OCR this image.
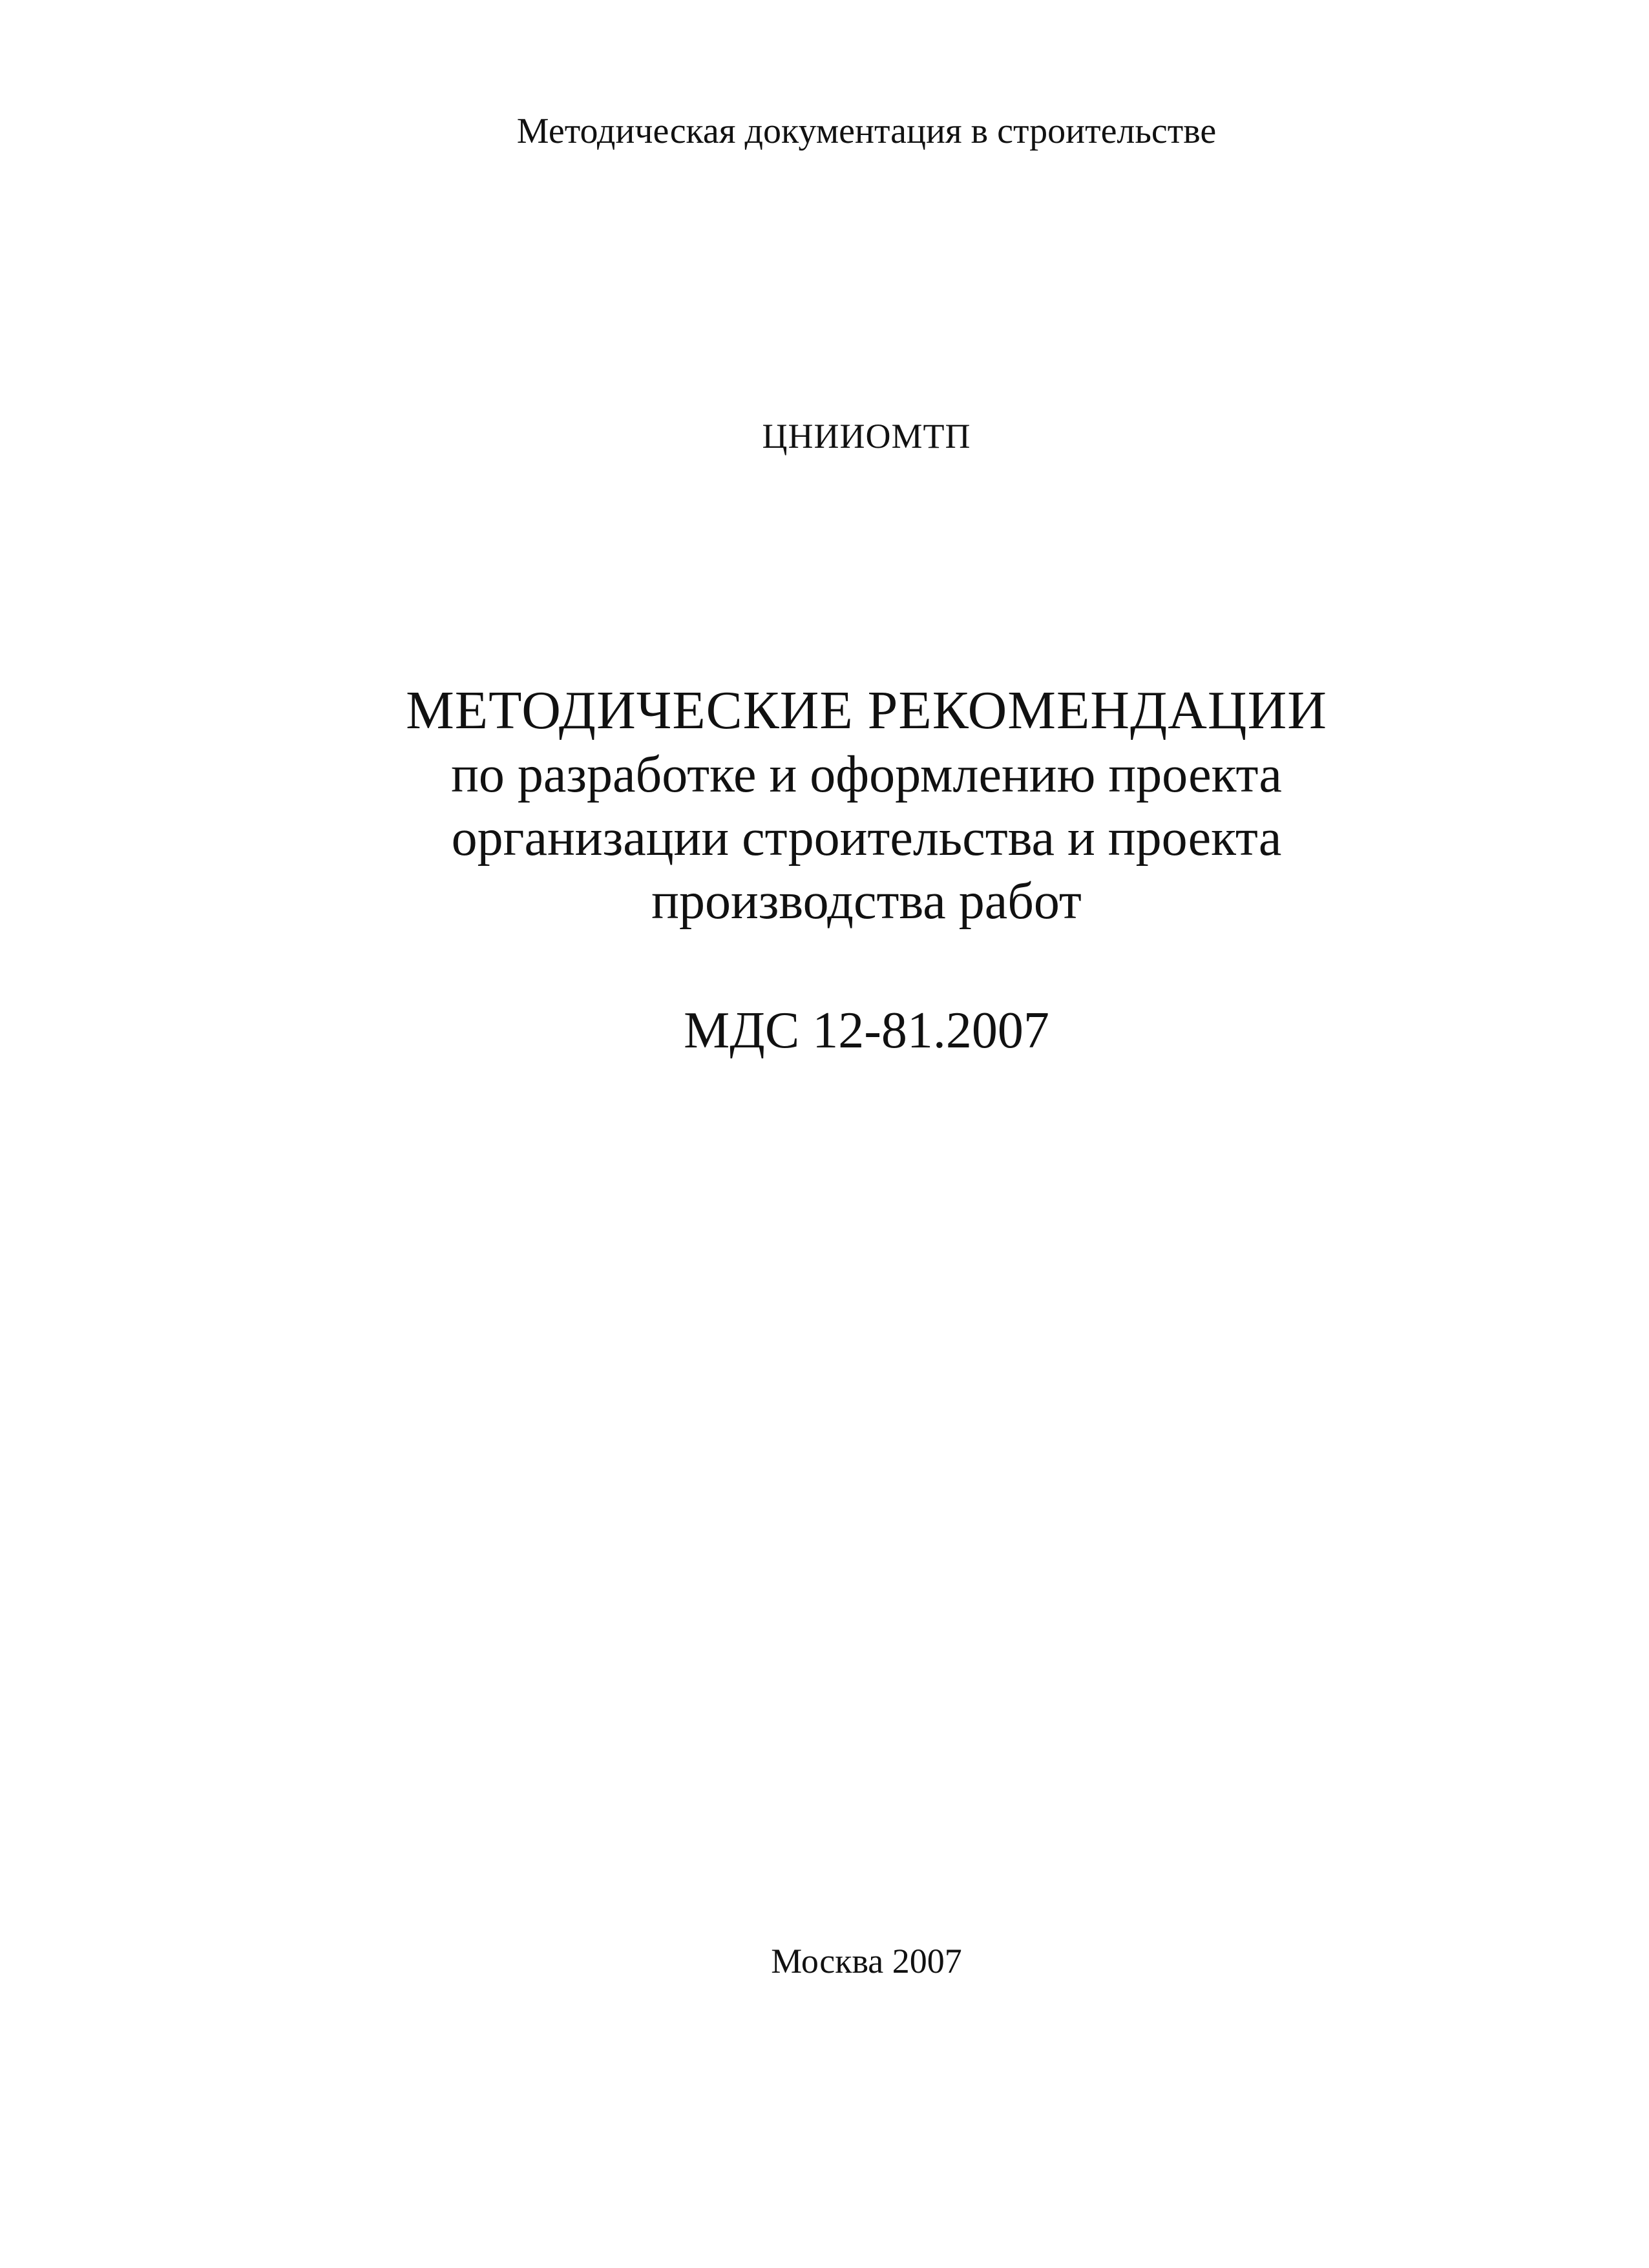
Методическая документация в строительстве
ЦНИИОМТП
МЕТОДИЧЕСКИЕ РЕКОМЕНДАЦИИ
по разработке и оформлению проекта
организации строительства и проекта
производства работ
МДС 12-81.2007
Москва 2007
